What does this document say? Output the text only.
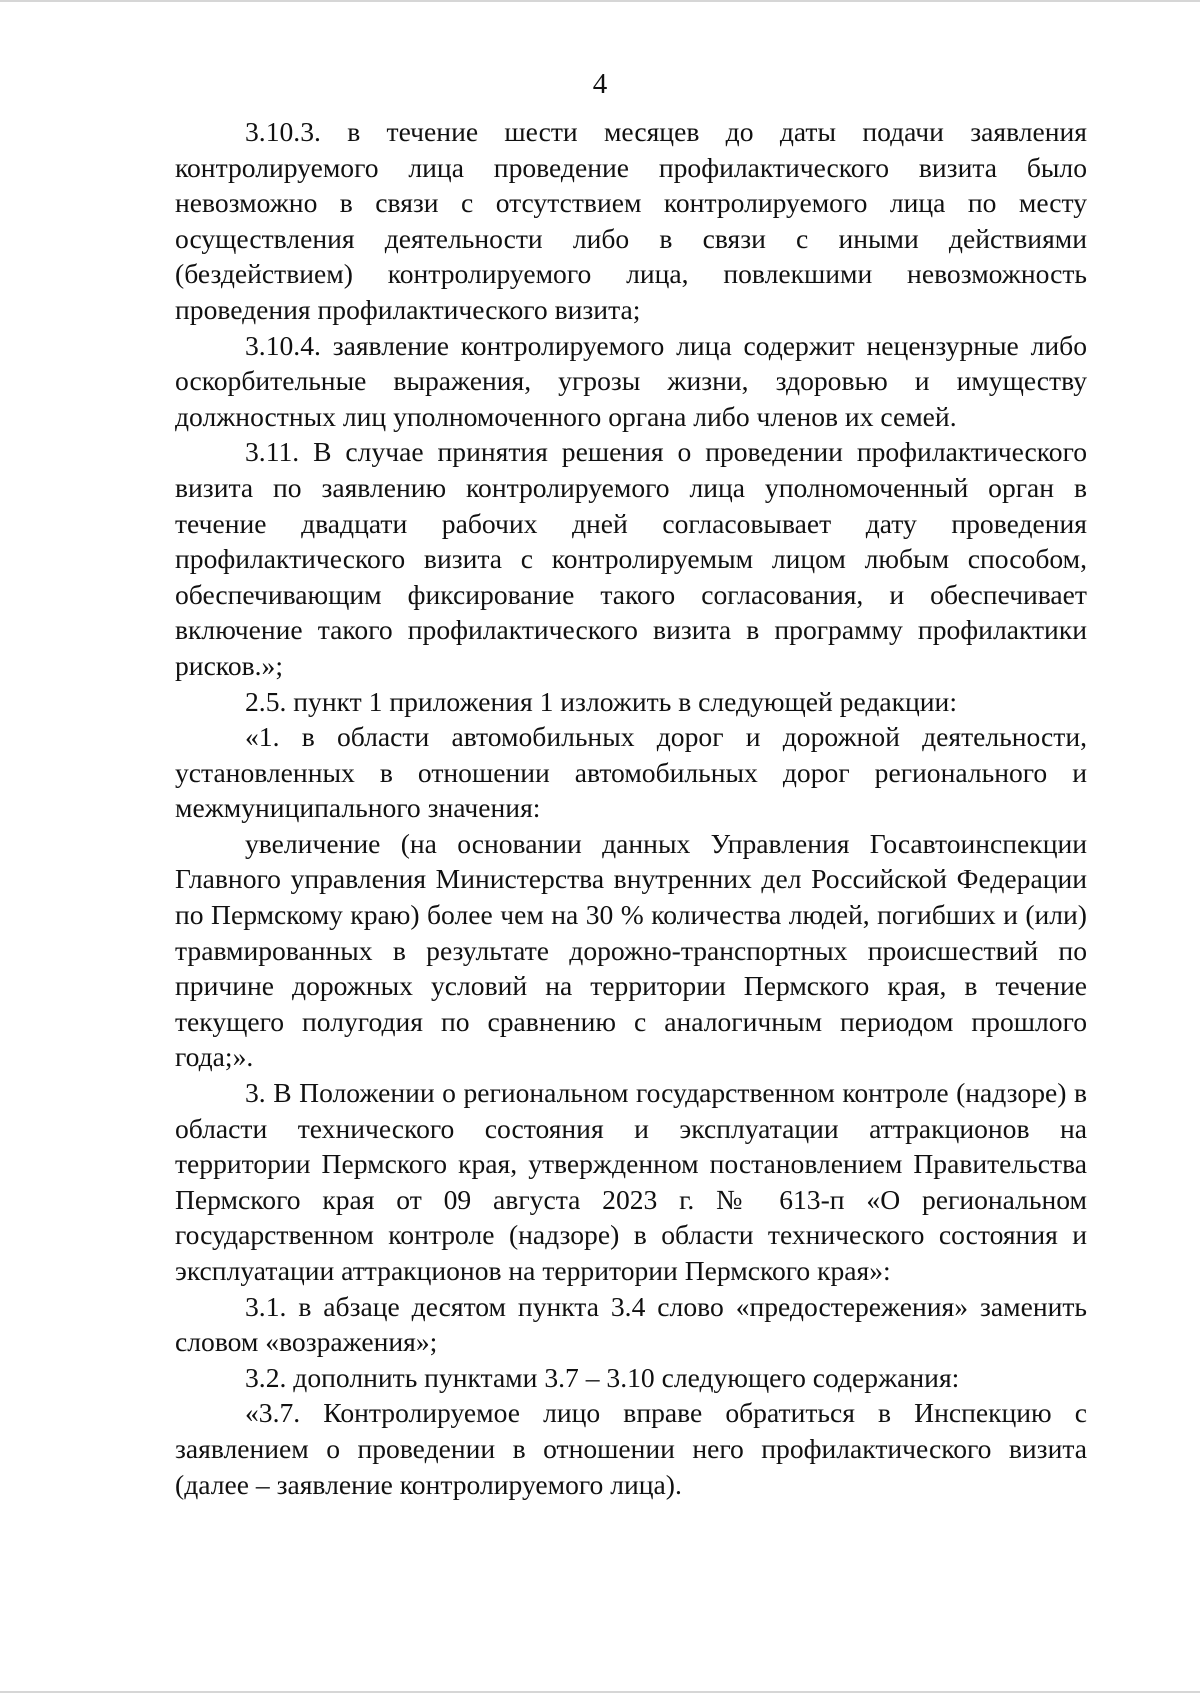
4

3.10.3. в течение шести месяцев до даты подачи заявления контролируемого лица проведение профилактического визита было невозможно в связи с отсутствием контролируемого лица по месту осуществления деятельности либо в связи с иными действиями (бездействием) контролируемого лица, повлекшими невозможность проведения профилактического визита;

3.10.4. заявление контролируемого лица содержит нецензурные либо оскорбительные выражения, угрозы жизни, здоровью и имуществу должностных лиц уполномоченного органа либо членов их семей.

3.11. В случае принятия решения о проведении профилактического визита по заявлению контролируемого лица уполномоченный орган в течение двадцати рабочих дней согласовывает дату проведения профилактического визита с контролируемым лицом любым способом, обеспечивающим фиксирование такого согласования, и обеспечивает включение такого профилактического визита в программу профилактики рисков.»;

2.5. пункт 1 приложения 1 изложить в следующей редакции:

«1. в области автомобильных дорог и дорожной деятельности, установленных в отношении автомобильных дорог регионального и межмуниципального значения:

увеличение (на основании данных Управления Госавтоинспекции Главного управления Министерства внутренних дел Российской Федерации по Пермскому краю) более чем на 30 % количества людей, погибших и (или) травмированных в результате дорожно-транспортных происшествий по причине дорожных условий на территории Пермского края, в течение текущего полугодия по сравнению с аналогичным периодом прошлого года;».

3. В Положении о региональном государственном контроле (надзоре) в области технического состояния и эксплуатации аттракционов на территории Пермского края, утвержденном постановлением Правительства Пермского края от 09 августа 2023 г. № 613-п «О региональном государственном контроле (надзоре) в области технического состояния и эксплуатации аттракционов на территории Пермского края»:

3.1. в абзаце десятом пункта 3.4 слово «предостережения» заменить словом «возражения»;

3.2. дополнить пунктами 3.7 – 3.10 следующего содержания:

«3.7. Контролируемое лицо вправе обратиться в Инспекцию с заявлением о проведении в отношении него профилактического визита (далее – заявление контролируемого лица).
